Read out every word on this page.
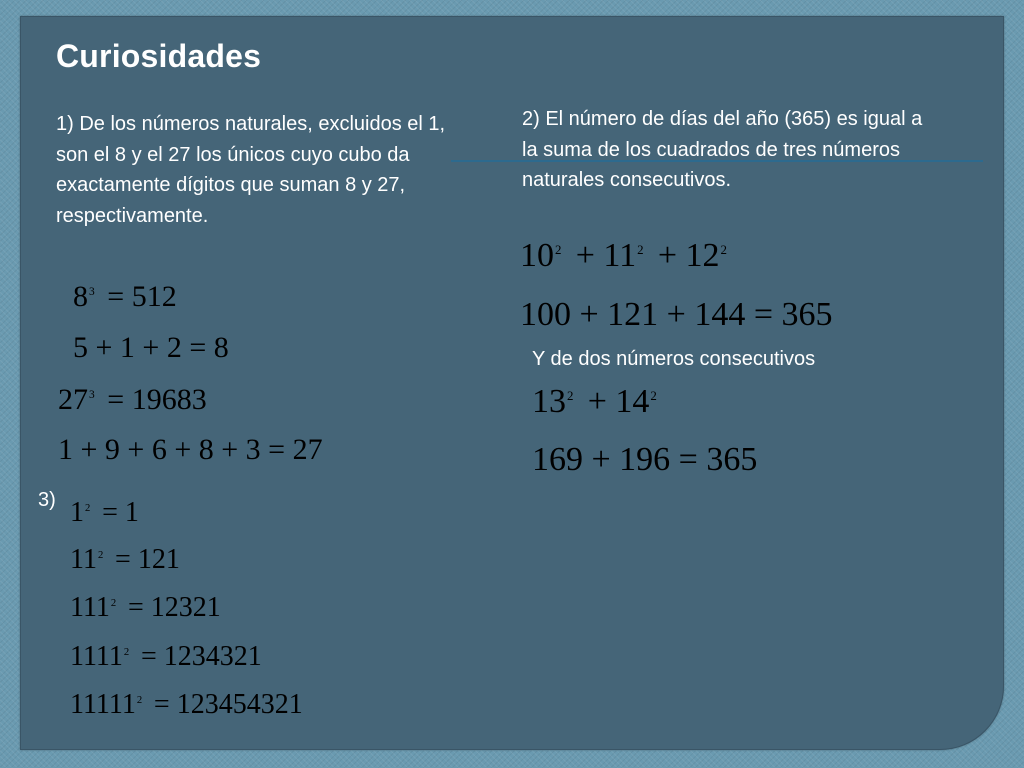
Curiosidades

1) De los números naturales, excluidos el 1, son el 8 y el 27 los únicos cuyo cubo da exactamente dígitos que suman 8 y 27, respectivamente.

$8^3 = 512$

5 + 1 + 2 = 8

$27^3 = 19683$

1 + 9 + 6 + 8 + 3 = 27

2) El número de días del año (365) es igual a la suma de los cuadrados de tres números naturales consecutivos.

$10^2 + 11^2 + 12^2$

100 + 121 + 144 = 365

Y de dos números consecutivos

$13^2 + 14^2$

169 + 196 = 365

3) $1^2 = 1$

$11^2 = 121$

$111^2 = 12321$

$1111^2 = 1234321$

$11111^2 = 123454321$
